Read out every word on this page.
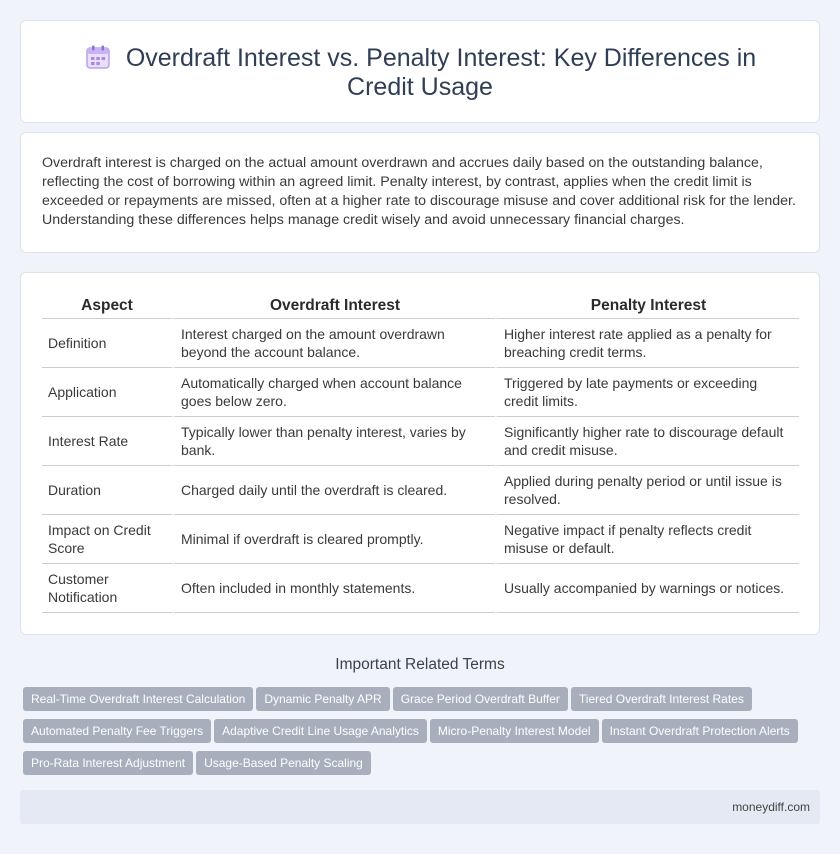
Overdraft Interest vs. Penalty Interest: Key Differences in Credit Usage

Overdraft interest is charged on the actual amount overdrawn and accrues daily based on the outstanding balance, reflecting the cost of borrowing within an agreed limit. Penalty interest, by contrast, applies when the credit limit is exceeded or repayments are missed, often at a higher rate to discourage misuse and cover additional risk for the lender. Understanding these differences helps manage credit wisely and avoid unnecessary financial charges.

Aspect	Overdraft Interest	Penalty Interest
Definition	Interest charged on the amount overdrawn beyond the account balance.	Higher interest rate applied as a penalty for breaching credit terms.
Application	Automatically charged when account balance goes below zero.	Triggered by late payments or exceeding credit limits.
Interest Rate	Typically lower than penalty interest, varies by bank.	Significantly higher rate to discourage default and credit misuse.
Duration	Charged daily until the overdraft is cleared.	Applied during penalty period or until issue is resolved.
Impact on Credit Score	Minimal if overdraft is cleared promptly.	Negative impact if penalty reflects credit misuse or default.
Customer Notification	Often included in monthly statements.	Usually accompanied by warnings or notices.
Important Related Terms
Real-Time Overdraft Interest Calculation Dynamic Penalty APR Grace Period Overdraft Buffer Tiered Overdraft Interest Rates
Automated Penalty Fee Triggers Adaptive Credit Line Usage Analytics Micro-Penalty Interest Model Instant Overdraft Protection Alerts
Pro-Rata Interest Adjustment Usage-Based Penalty Scaling
moneydiff.com
